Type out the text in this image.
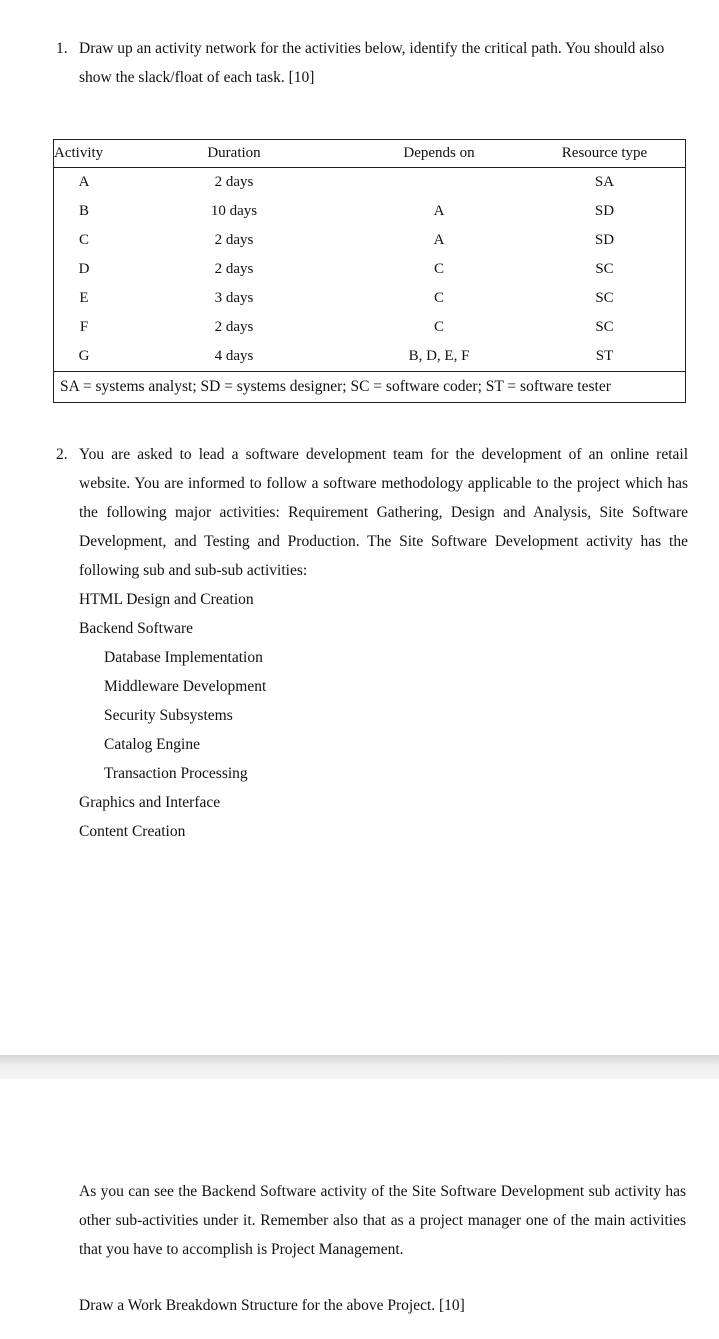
1. Draw up an activity network for the activities below, identify the critical path. You should also show the slack/float of each task. [10]
Activity	Duration	Depends on	Resource type
A	2 days		SA
B	10 days	A	SD
C	2 days	A	SD
D	2 days	C	SC
E	3 days	C	SC
F	2 days	C	SC
G	4 days	B, D, E, F	ST
SA = systems analyst; SD = systems designer; SC = software coder; ST = software tester			
2. You are asked to lead a software development team for the development of an online retail website. You are informed to follow a software methodology applicable to the project which has the following major activities: Requirement Gathering, Design and Analysis, Site Software Development, and Testing and Production. The Site Software Development activity has the following sub and sub-sub activities:
HTML Design and Creation
Backend Software
Database Implementation
Middleware Development
Security Subsystems
Catalog Engine
Transaction Processing
Graphics and Interface
Content Creation
As you can see the Backend Software activity of the Site Software Development sub activity has other sub-activities under it. Remember also that as a project manager one of the main activities that you have to accomplish is Project Management.
Draw a Work Breakdown Structure for the above Project. [10]
